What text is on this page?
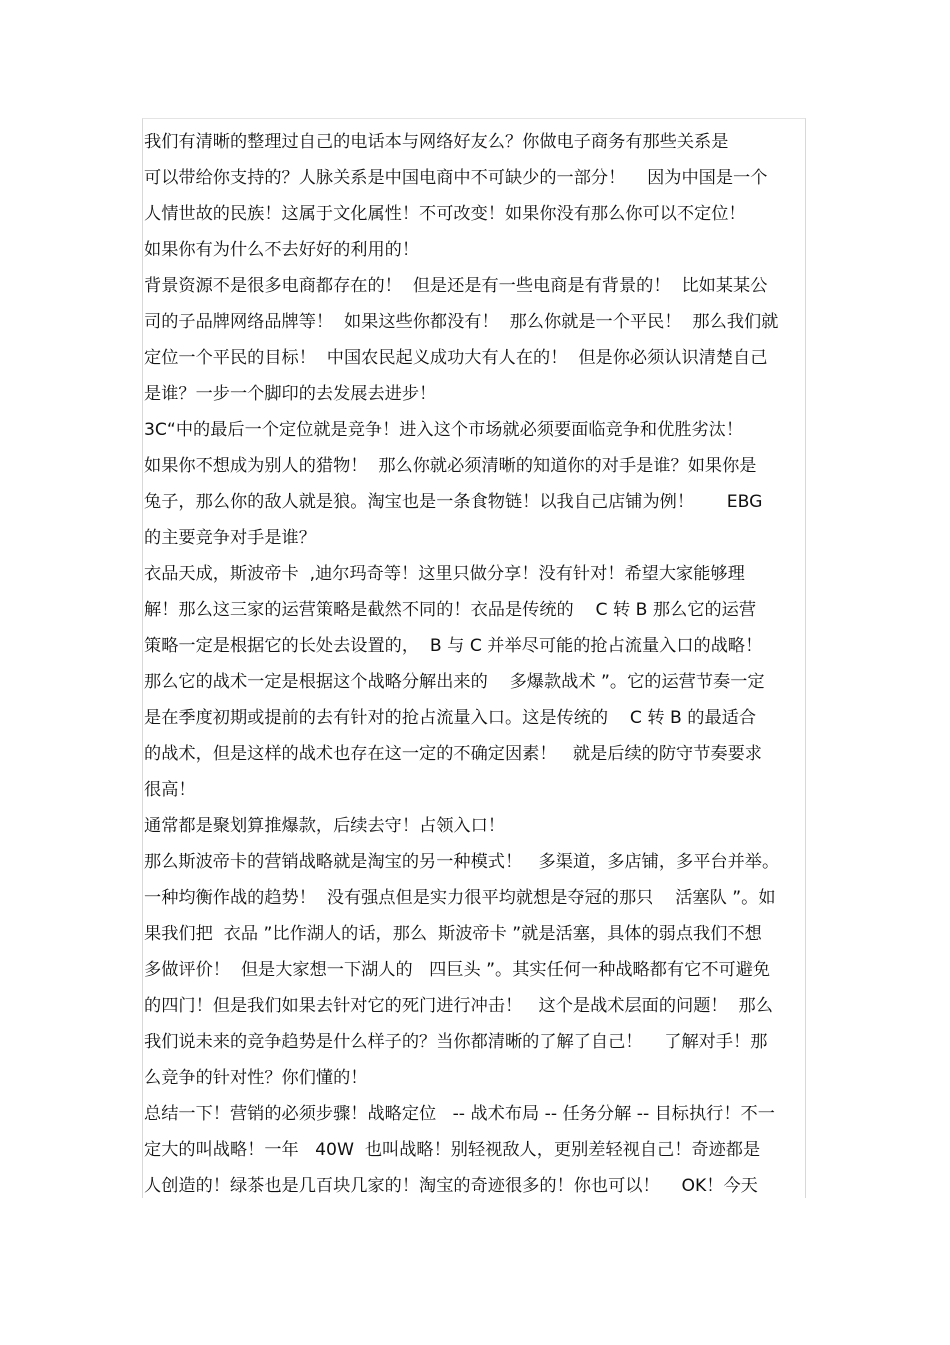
我们有清晰的整理过自己的电话本与网络好友么？你做电子商务有那些关系是
可以带给你支持的？人脉关系是中国电商中不可缺少的一部分！    因为中国是一个
人情世故的民族！这属于文化属性！不可改变！如果你没有那么你可以不定位！
如果你有为什么不去好好的利用的！
背景资源不是很多电商都存在的！  但是还是有一些电商是有背景的！  比如某某公
司的子品牌网络品牌等！  如果这些你都没有！  那么你就是一个平民！  那么我们就
定位一个平民的目标！  中国农民起义成功大有人在的！  但是你必须认识清楚自己
是谁？一步一个脚印的去发展去进步！
3C“中的最后一个定位就是竞争！进入这个市场就必须要面临竞争和优胜劣汰！
如果你不想成为别人的猎物！  那么你就必须清晰的知道你的对手是谁？如果你是
兔子，那么你的敌人就是狼。淘宝也是一条食物链！以我自己店铺为例！      EBG
的主要竞争对手是谁？
衣品天成，斯波帝卡  ,迪尔玛奇等！这里只做分享！没有针对！希望大家能够理
解！那么这三家的运营策略是截然不同的！衣品是传统的    C 转 B 那么它的运营
策略一定是根据它的长处去设置的，  B 与 C 并举尽可能的抢占流量入口的战略！
那么它的战术一定是根据这个战略分解出来的    多爆款战术 ”。它的运营节奏一定
是在季度初期或提前的去有针对的抢占流量入口。这是传统的    C 转 B 的最适合
的战术，但是这样的战术也存在这一定的不确定因素！   就是后续的防守节奏要求
很高！
通常都是聚划算推爆款，后续去守！占领入口！
那么斯波帝卡的营销战略就是淘宝的另一种模式！   多渠道，多店铺，多平台并举。
一种均衡作战的趋势！  没有强点但是实力很平均就想是夺冠的那只    活塞队 ”。如
果我们把  衣品 ”比作湖人的话，那么  斯波帝卡 ”就是活塞，具体的弱点我们不想
多做评价！  但是大家想一下湖人的   四巨头 ”。其实任何一种战略都有它不可避免
的四门！但是我们如果去针对它的死门进行冲击！   这个是战术层面的问题！  那么
我们说未来的竞争趋势是什么样子的？当你都清晰的了解了自己！    了解对手！那
么竞争的针对性？你们懂的！
总结一下！营销的必须步骤！战略定位   -- 战术布局 -- 任务分解 -- 目标执行！不一
定大的叫战略！一年   40W  也叫战略！别轻视敌人，更别差轻视自己！奇迹都是
人创造的！绿茶也是几百块几家的！淘宝的奇迹很多的！你也可以！    OK！今天
